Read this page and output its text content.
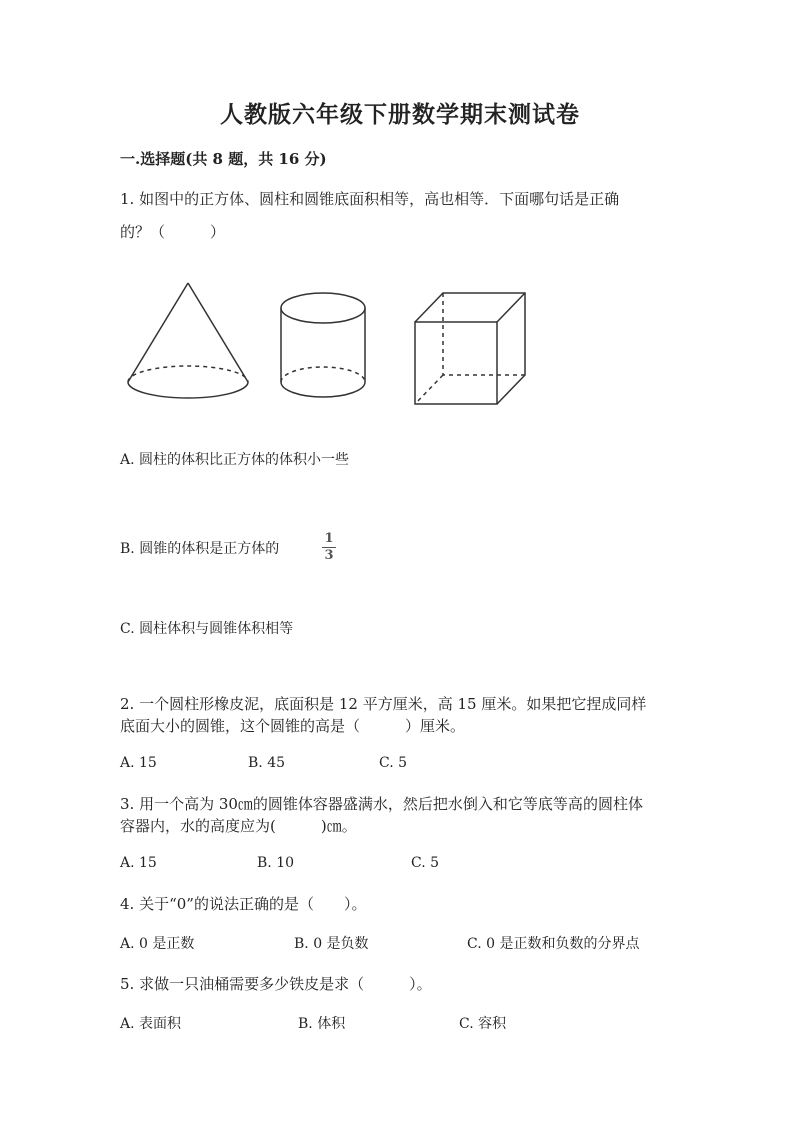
人教版六年级下册数学期末测试卷
一.选择题(共 8 题，共 16 分)
1. 如图中的正方体、圆柱和圆锥底面积相等，高也相等．下面哪句话是正确
的？（　　　）
A. 圆柱的体积比正方体的体积小一些
B. 圆锥的体积是正方体的
1
3
C. 圆柱体积与圆锥体积相等
2. 一个圆柱形橡皮泥，底面积是 12 平方厘米，高 15 厘米。如果把它捏成同样
底面大小的圆锥，这个圆锥的高是（　　　）厘米。
A. 15	B. 45	C. 5
3. 用一个高为 30㎝的圆锥体容器盛满水，然后把水倒入和它等底等高的圆柱体
容器内，水的高度应为(　　　)㎝。
A. 15	B. 10	C. 5
4. 关于“0”的说法正确的是（　　）。
A. 0 是正数	B. 0 是负数	C. 0 是正数和负数的分界点
5. 求做一只油桶需要多少铁皮是求（　　　）。
A. 表面积	B. 体积	C. 容积
